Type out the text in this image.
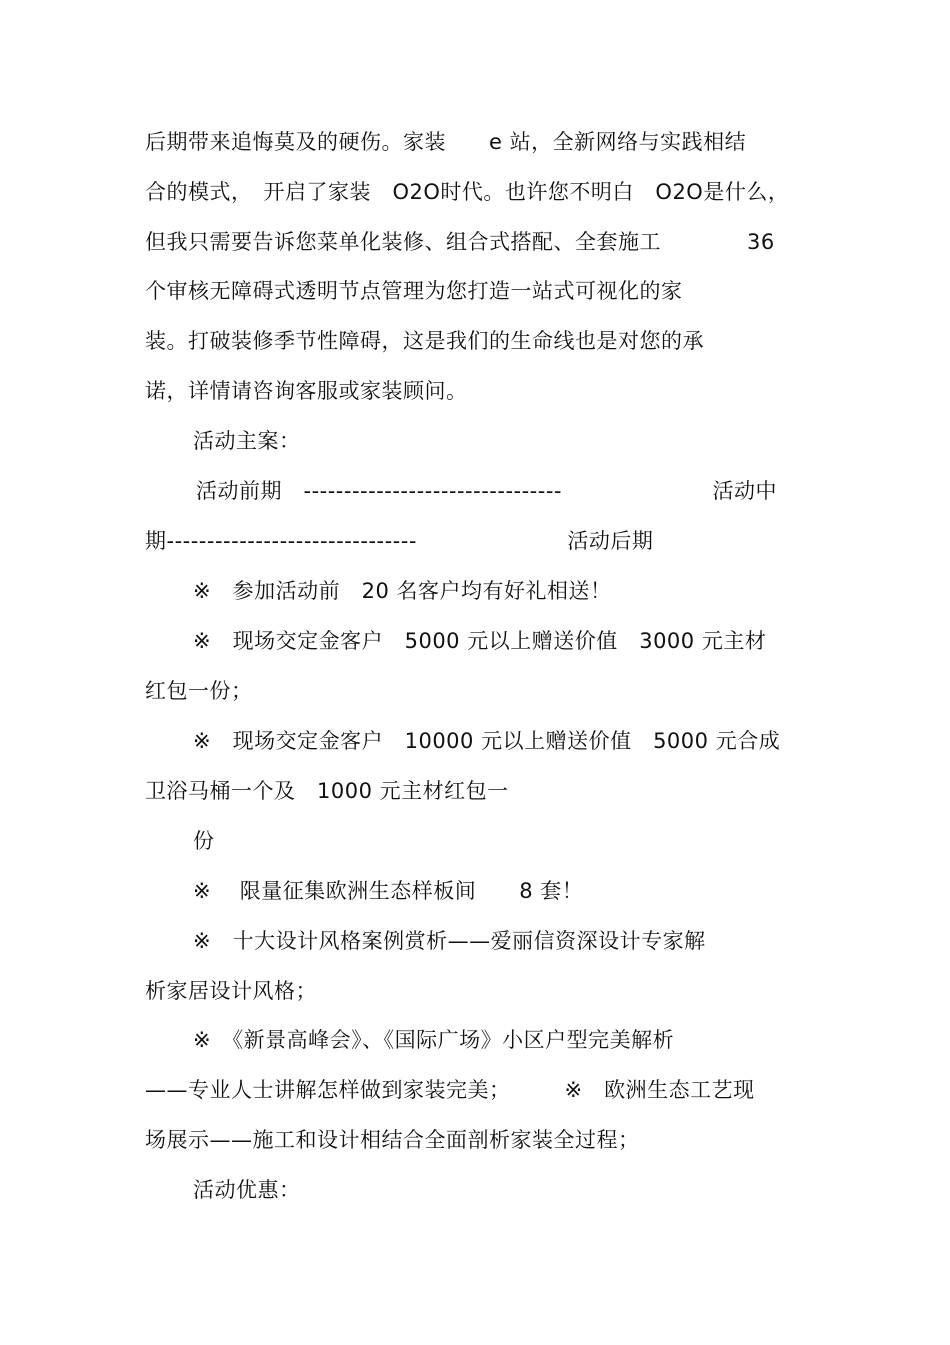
后期带来追悔莫及的硬伤。家装　　e 站，全新网络与实践相结
合的模式，　开启了家装　O2O时代。也许您不明白　O2O是什么，
但我只需要告诉您菜单化装修、组合式搭配、全套施工　　　　36
个审核无障碍式透明节点管理为您打造一站式可视化的家
装。打破装修季节性障碍，这是我们的生命线也是对您的承
诺，详情请咨询客服或家装顾问。
活动主案：
活动前期　--------------------------------　　　　　　　活动中
期-------------------------------　　　　　　　活动后期
※　参加活动前　20 名客户均有好礼相送！
※　现场交定金客户　5000 元以上赠送价值　3000 元主材
红包一份；
※　现场交定金客户　10000 元以上赠送价值　5000 元合成
卫浴马桶一个及　1000 元主材红包一
份
※　 限量征集欧洲生态样板间　　8 套！
※　十大设计风格案例赏析——爱丽信资深设计专家解
析家居设计风格；
※　《新景高峰会》、《国际广场》小区户型完美解析
——专业人士讲解怎样做到家装完美；　　　※　欧洲生态工艺现
场展示——施工和设计相结合全面剖析家装全过程；
活动优惠：
